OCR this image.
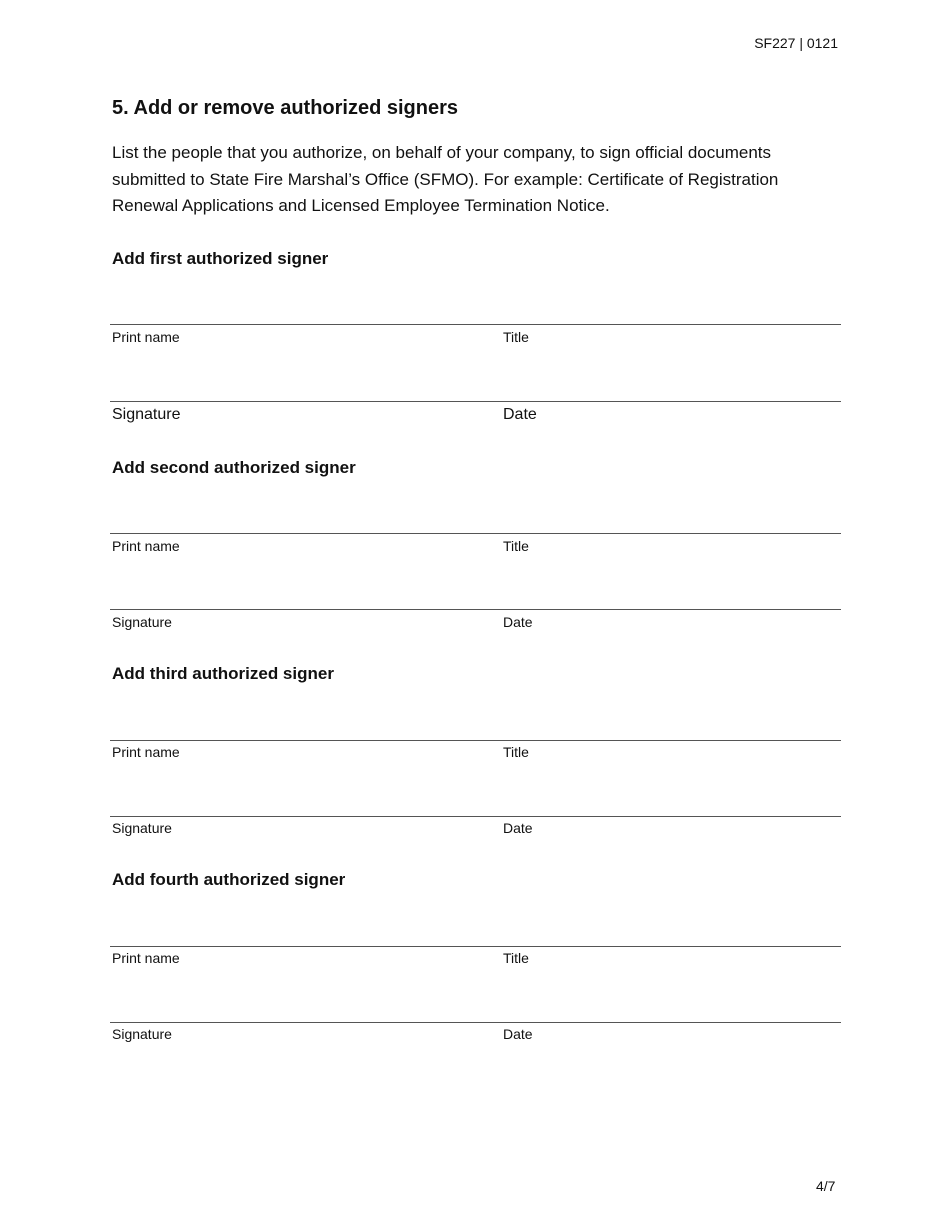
SF227 | 0121
5. Add or remove authorized signers

List the people that you authorize, on behalf of your company, to sign official documents submitted to State Fire Marshal’s Office (SFMO). For example: Certificate of Registration Renewal Applications and Licensed Employee Termination Notice.

Add first authorized signer
Print name	Title
Signature	Date
Add second authorized signer
Print name	Title
Signature	Date
Add third authorized signer
Print name	Title
Signature	Date
Add fourth authorized signer
Print name	Title
Signature	Date
4/7
